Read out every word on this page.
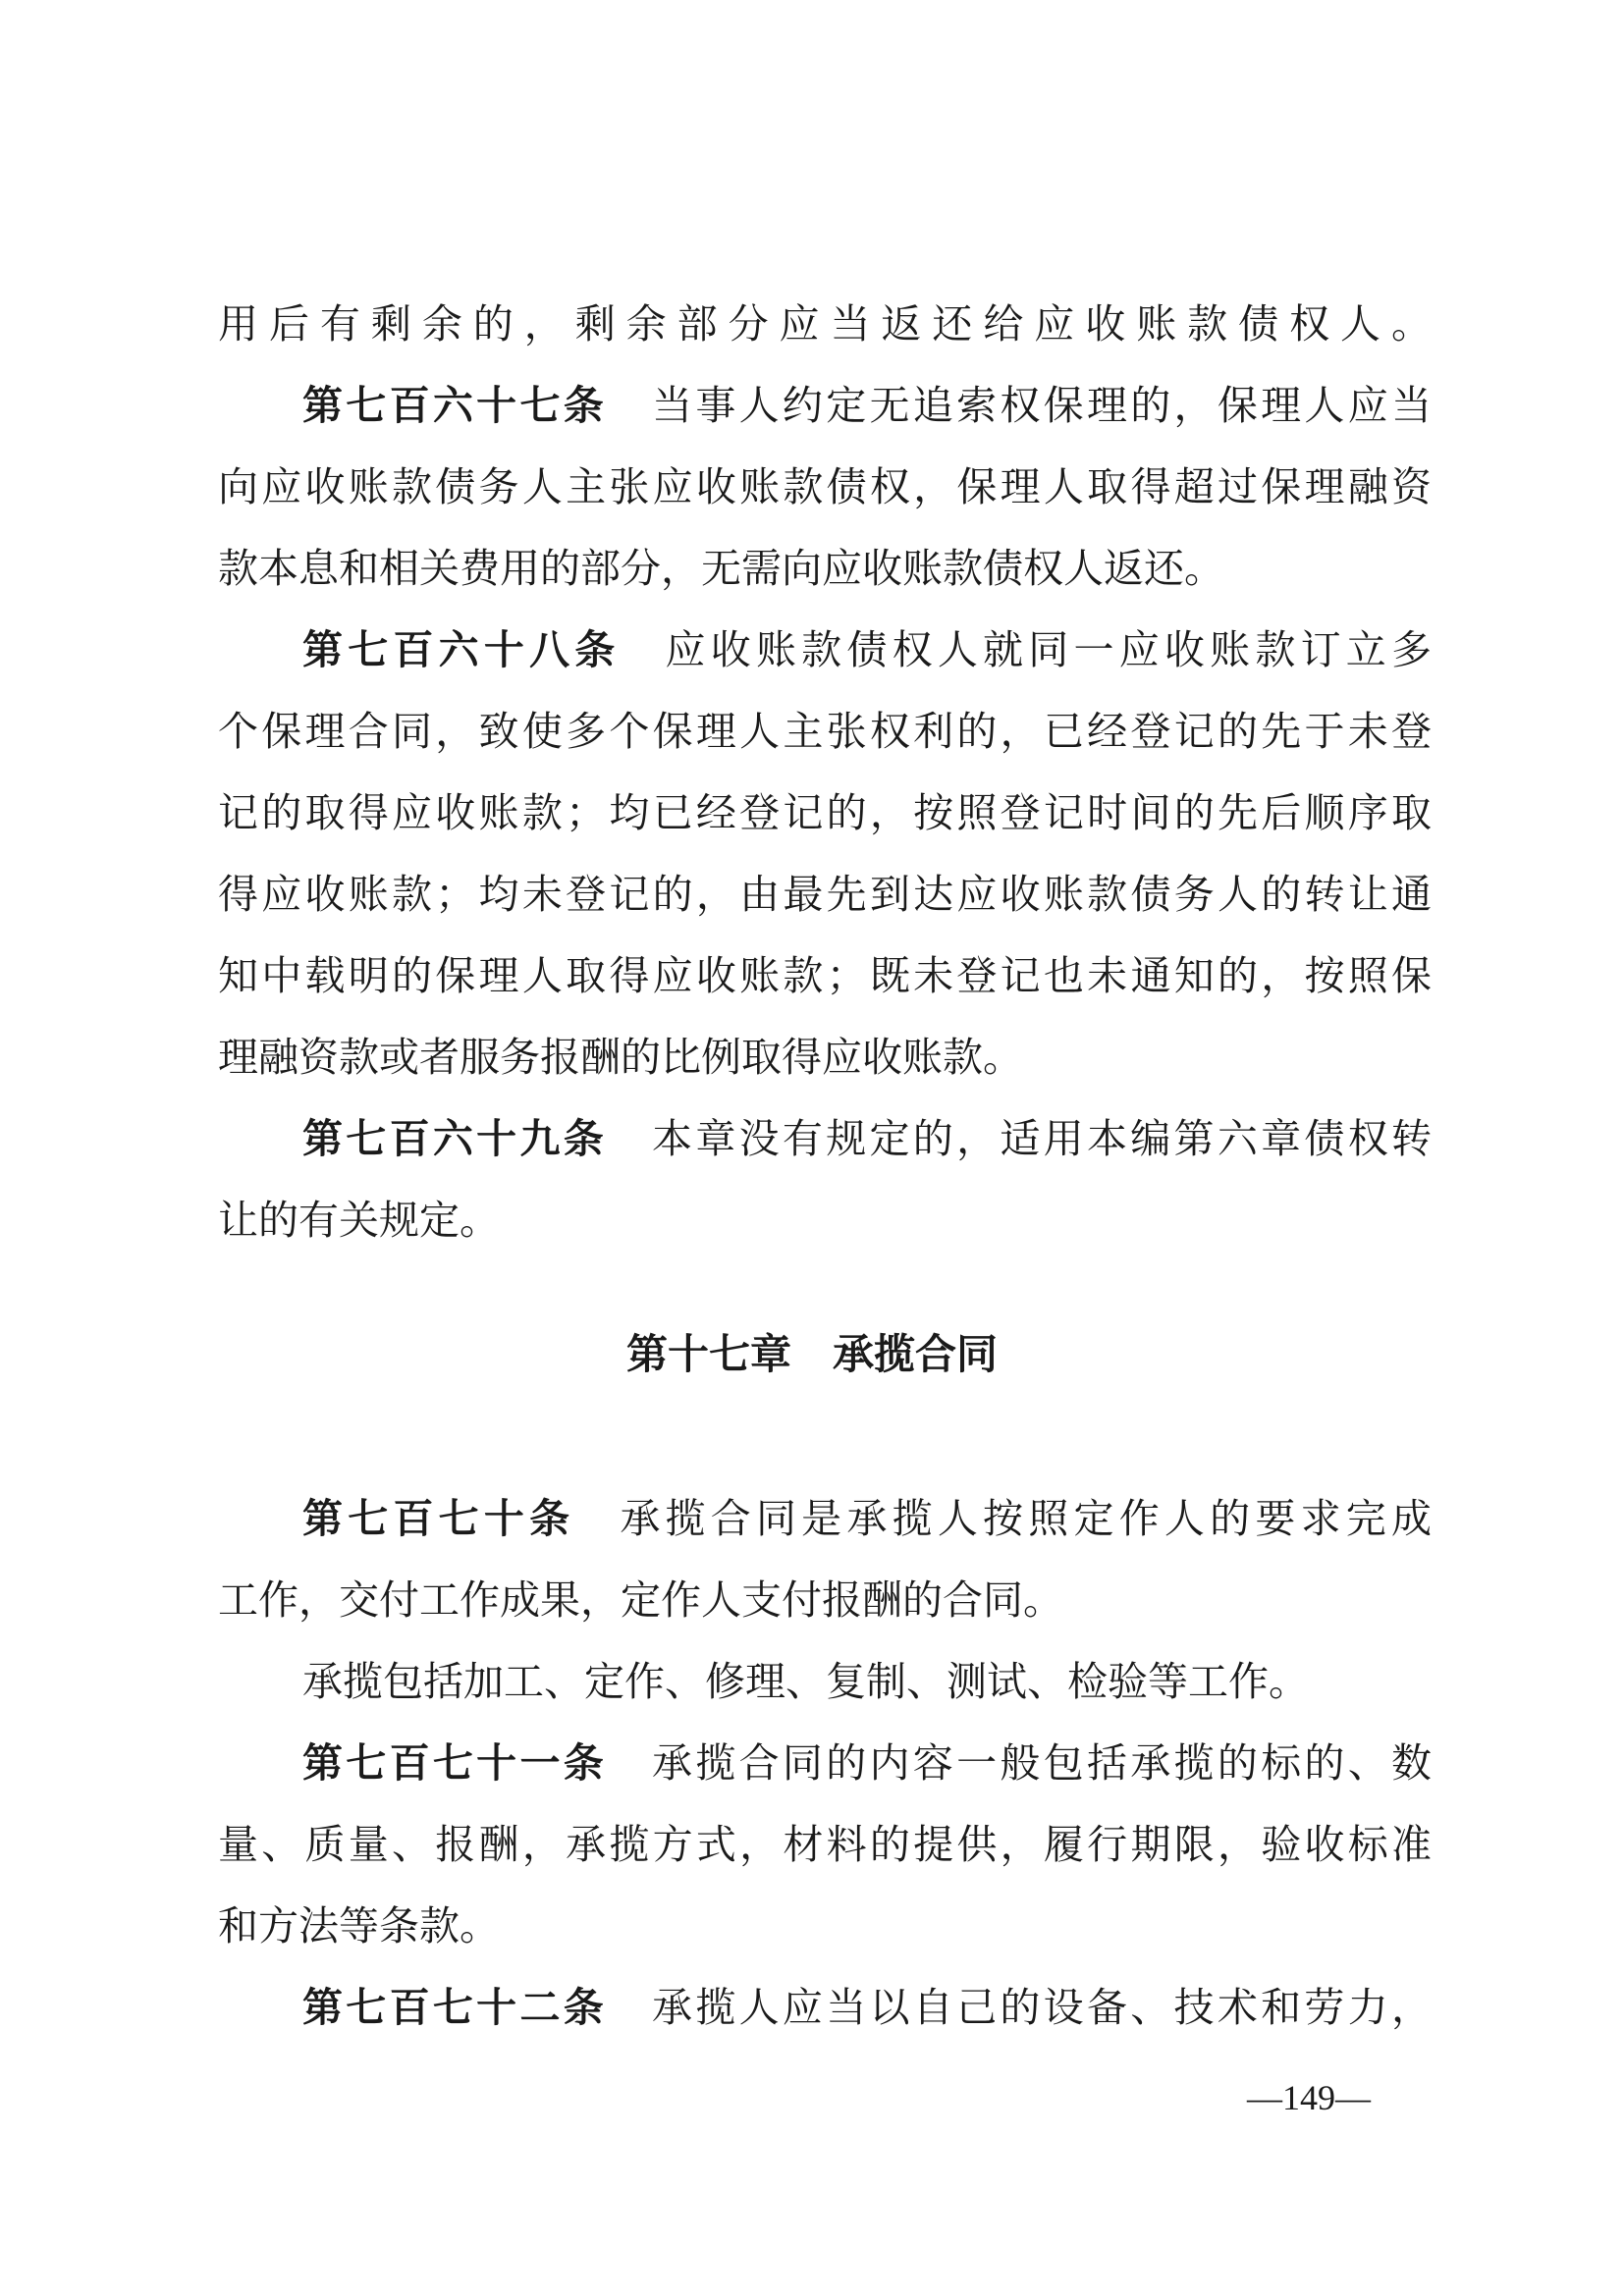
用后有剩余的，剩余部分应当返还给应收账款债权人。
第七百六十七条 当事人约定无追索权保理的，保理人应当
向应收账款债务人主张应收账款债权，保理人取得超过保理融资
款本息和相关费用的部分，无需向应收账款债权人返还。
第七百六十八条 应收账款债权人就同一应收账款订立多
个保理合同，致使多个保理人主张权利的，已经登记的先于未登
记的取得应收账款；均已经登记的，按照登记时间的先后顺序取
得应收账款；均未登记的，由最先到达应收账款债务人的转让通
知中载明的保理人取得应收账款；既未登记也未通知的，按照保
理融资款或者服务报酬的比例取得应收账款。
第七百六十九条 本章没有规定的，适用本编第六章债权转
让的有关规定。
第七百七十条 承揽合同是承揽人按照定作人的要求完成
工作，交付工作成果，定作人支付报酬的合同。
承揽包括加工、定作、修理、复制、测试、检验等工作。
第七百七十一条 承揽合同的内容一般包括承揽的标的、数
量、质量、报酬，承揽方式，材料的提供，履行期限，验收标准
和方法等条款。
第七百七十二条 承揽人应当以自己的设备、技术和劳力，
第十七章　承揽合同
—149—
